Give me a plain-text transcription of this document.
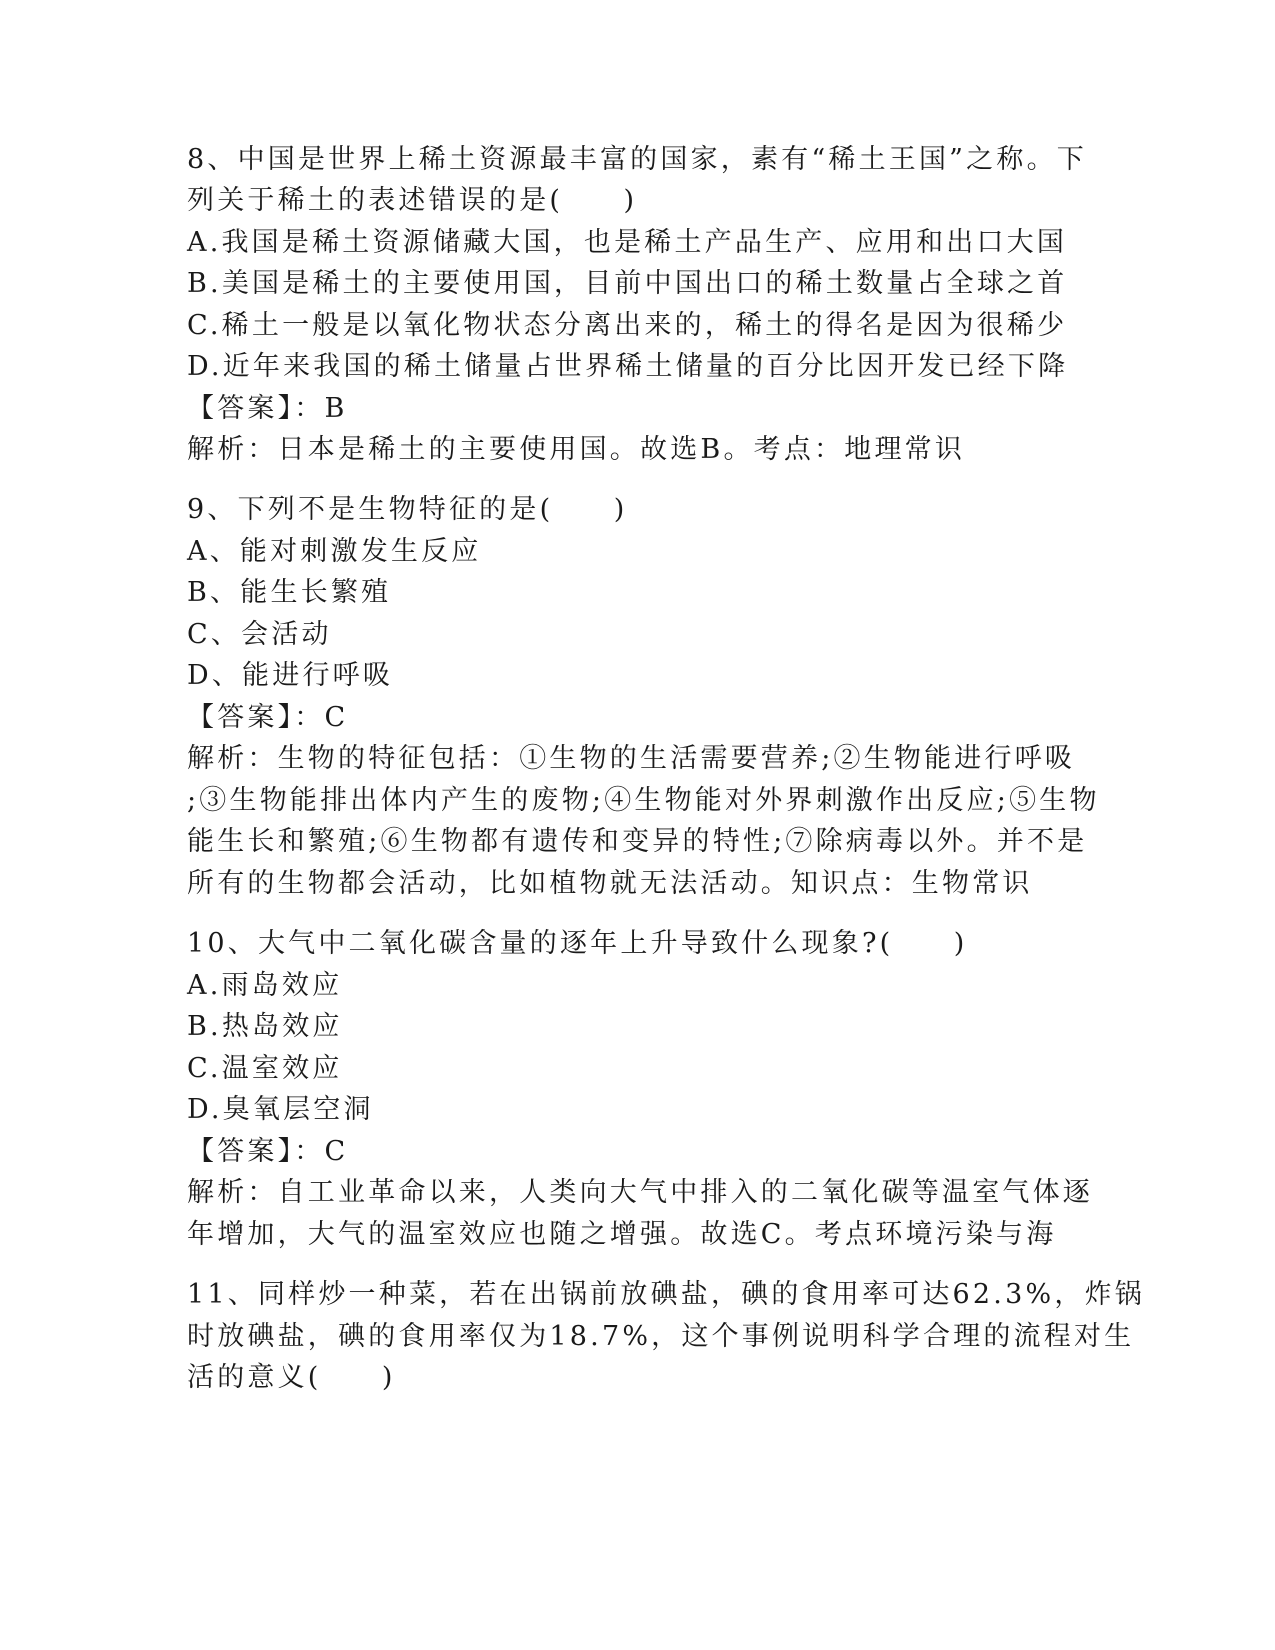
8、中国是世界上稀土资源最丰富的国家，素有“稀土王国”之称。下
列关于稀土的表述错误的是(　　)
A.我国是稀土资源储藏大国，也是稀土产品生产、应用和出口大国
B.美国是稀土的主要使用国，目前中国出口的稀土数量占全球之首
C.稀土一般是以氧化物状态分离出来的，稀土的得名是因为很稀少
D.近年来我国的稀土储量占世界稀土储量的百分比因开发已经下降
【答案】：B
解析：日本是稀土的主要使用国。故选B。考点：地理常识
9、下列不是生物特征的是(　　)
A、能对刺激发生反应
B、能生长繁殖
C、会活动
D、能进行呼吸
【答案】：C
解析：生物的特征包括：①生物的生活需要营养;②生物能进行呼吸
;③生物能排出体内产生的废物;④生物能对外界刺激作出反应;⑤生物
能生长和繁殖;⑥生物都有遗传和变异的特性;⑦除病毒以外。并不是
所有的生物都会活动，比如植物就无法活动。知识点：生物常识
10、大气中二氧化碳含量的逐年上升导致什么现象?(　　)
A.雨岛效应
B.热岛效应
C.温室效应
D.臭氧层空洞
【答案】：C
解析：自工业革命以来，人类向大气中排入的二氧化碳等温室气体逐
年增加，大气的温室效应也随之增强。故选C。考点环境污染与海
11、同样炒一种菜，若在出锅前放碘盐，碘的食用率可达62.3%，炸锅
时放碘盐，碘的食用率仅为18.7%，这个事例说明科学合理的流程对生
活的意义(　　)
